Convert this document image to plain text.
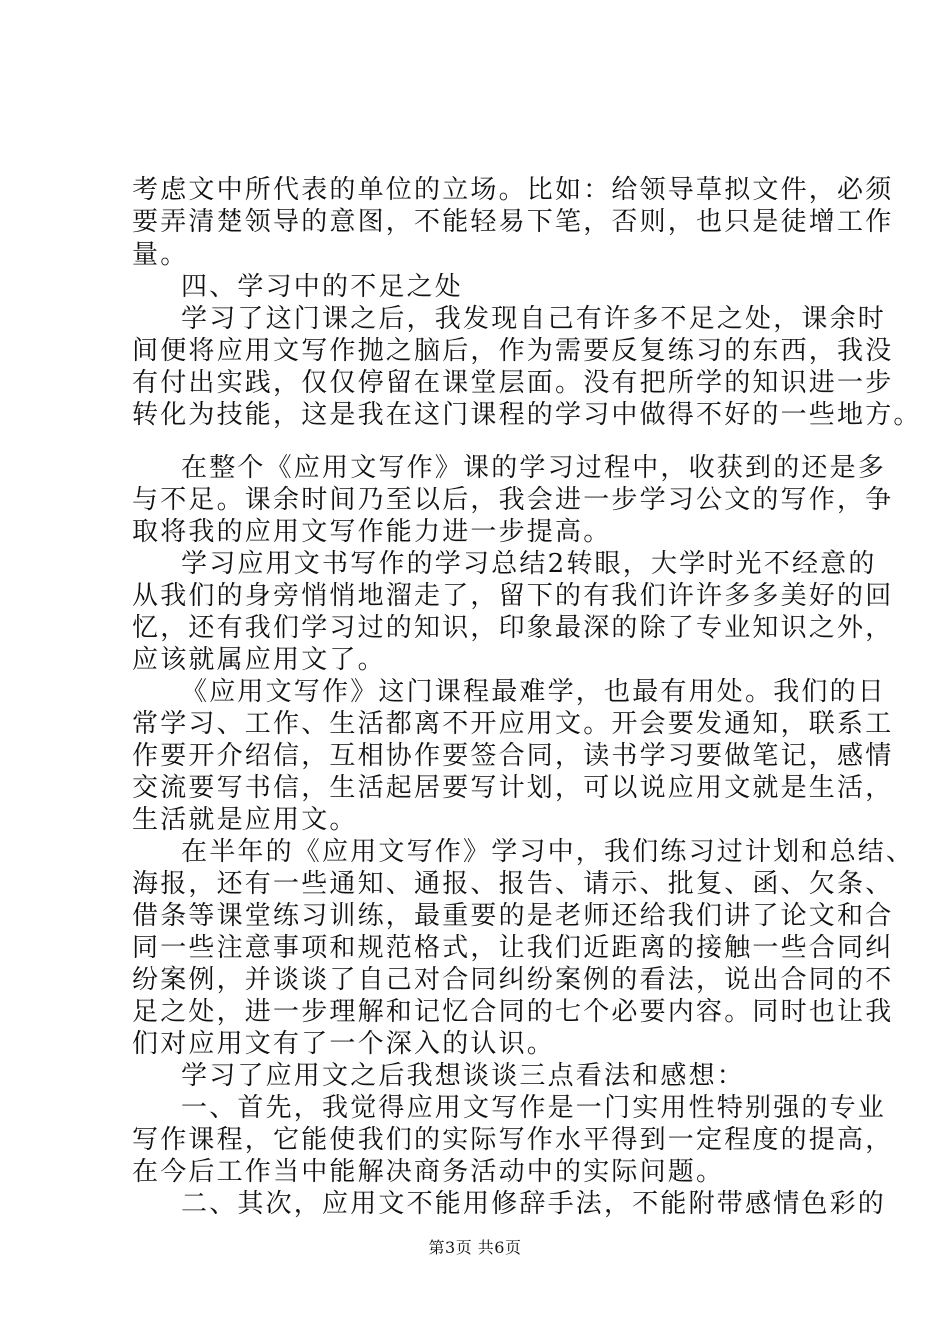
考虑文中所代表的单位的立场。比如：给领导草拟文件，必须
要弄清楚领导的意图，不能轻易下笔，否则，也只是徒增工作
量。
四、学习中的不足之处
学习了这门课之后，我发现自己有许多不足之处，课余时
间便将应用文写作抛之脑后，作为需要反复练习的东西，我没
有付出实践，仅仅停留在课堂层面。没有把所学的知识进一步
转化为技能，这是我在这门课程的学习中做得不好的一些地方。
在整个《应用文写作》课的学习过程中，收获到的还是多
与不足。课余时间乃至以后，我会进一步学习公文的写作，争
取将我的应用文写作能力进一步提高。
学习应用文书写作的学习总结2转眼，大学时光不经意的
从我们的身旁悄悄地溜走了，留下的有我们许许多多美好的回
忆，还有我们学习过的知识，印象最深的除了专业知识之外，
应该就属应用文了。
《应用文写作》这门课程最难学，也最有用处。我们的日
常学习、工作、生活都离不开应用文。开会要发通知，联系工
作要开介绍信，互相协作要签合同，读书学习要做笔记，感情
交流要写书信，生活起居要写计划，可以说应用文就是生活，
生活就是应用文。
在半年的《应用文写作》学习中，我们练习过计划和总结、
海报，还有一些通知、通报、报告、请示、批复、函、欠条、
借条等课堂练习训练，最重要的是老师还给我们讲了论文和合
同一些注意事项和规范格式，让我们近距离的接触一些合同纠
纷案例，并谈谈了自己对合同纠纷案例的看法，说出合同的不
足之处，进一步理解和记忆合同的七个必要内容。同时也让我
们对应用文有了一个深入的认识。
学习了应用文之后我想谈谈三点看法和感想：
一、首先，我觉得应用文写作是一门实用性特别强的专业
写作课程，它能使我们的实际写作水平得到一定程度的提高，
在今后工作当中能解决商务活动中的实际问题。
二、其次，应用文不能用修辞手法，不能附带感情色彩的
第3页 共6页
